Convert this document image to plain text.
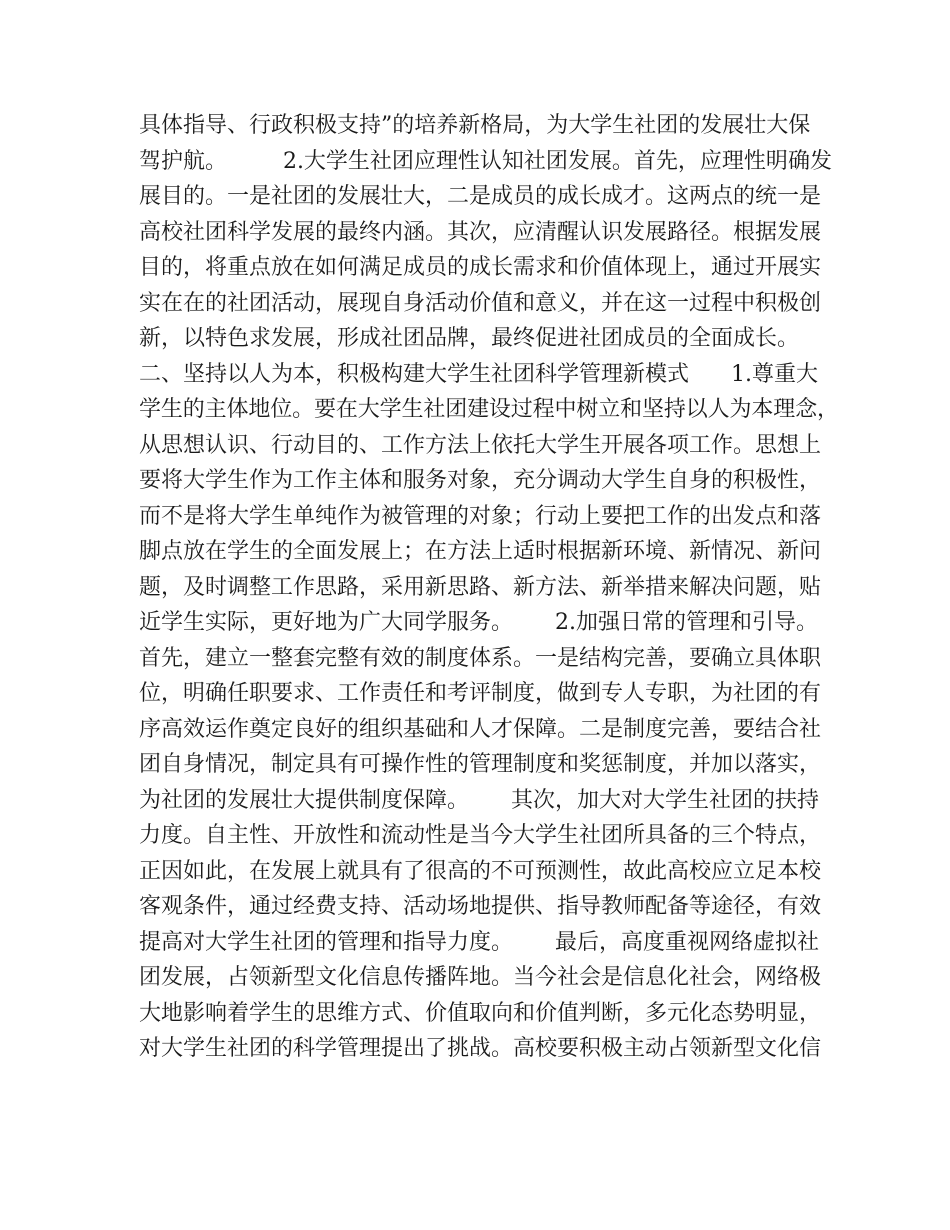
具体指导、行政积极支持”的培养新格局，为大学生社团的发展壮大保
驾护航。        2.大学生社团应理性认知社团发展。首先，应理性明确发
展目的。一是社团的发展壮大，二是成员的成长成才。这两点的统一是
高校社团科学发展的最终内涵。其次，应清醒认识发展路径。根据发展
目的，将重点放在如何满足成员的成长需求和价值体现上，通过开展实
实在在的社团活动，展现自身活动价值和意义，并在这一过程中积极创
新，以特色求发展，形成社团品牌，最终促进社团成员的全面成长。
二、坚持以人为本，积极构建大学生社团科学管理新模式      1.尊重大
学生的主体地位。要在大学生社团建设过程中树立和坚持以人为本理念，
从思想认识、行动目的、工作方法上依托大学生开展各项工作。思想上
要将大学生作为工作主体和服务对象，充分调动大学生自身的积极性，
而不是将大学生单纯作为被管理的对象；行动上要把工作的出发点和落
脚点放在学生的全面发展上；在方法上适时根据新环境、新情况、新问
题，及时调整工作思路，采用新思路、新方法、新举措来解决问题，贴
近学生实际，更好地为广大同学服务。      2.加强日常的管理和引导。
首先，建立一整套完整有效的制度体系。一是结构完善，要确立具体职
位，明确任职要求、工作责任和考评制度，做到专人专职，为社团的有
序高效运作奠定良好的组织基础和人才保障。二是制度完善，要结合社
团自身情况，制定具有可操作性的管理制度和奖惩制度，并加以落实，
为社团的发展壮大提供制度保障。      其次，加大对大学生社团的扶持
力度。自主性、开放性和流动性是当今大学生社团所具备的三个特点，
正因如此，在发展上就具有了很高的不可预测性，故此高校应立足本校
客观条件，通过经费支持、活动场地提供、指导教师配备等途径，有效
提高对大学生社团的管理和指导力度。      最后，高度重视网络虚拟社
团发展，占领新型文化信息传播阵地。当今社会是信息化社会，网络极
大地影响着学生的思维方式、价值取向和价值判断，多元化态势明显，
对大学生社团的科学管理提出了挑战。高校要积极主动占领新型文化信
